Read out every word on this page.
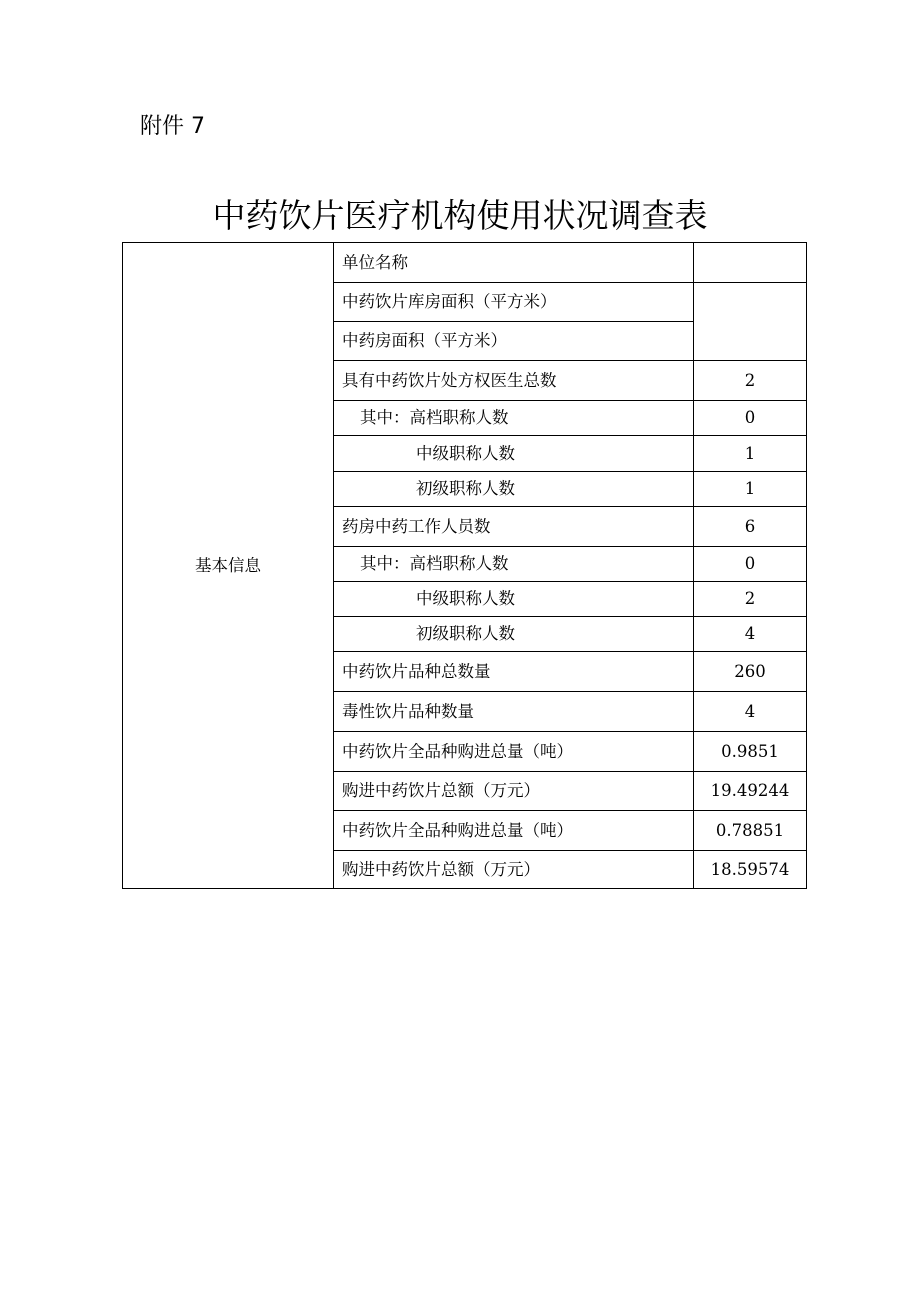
附件 7
中药饮片医疗机构使用状况调查表
基本信息	单位名称	
	中药饮片库房面积（平方米）	
	中药房面积（平方米）	
	具有中药饮片处方权医生总数	2
	其中：高档职称人数	0
	中级职称人数	1
	初级职称人数	1
	药房中药工作人员数	6
	其中：高档职称人数	0
	中级职称人数	2
	初级职称人数	4
	中药饮片品种总数量	260
	毒性饮片品种数量	4
	中药饮片全品种购进总量（吨）	0.9851
	购进中药饮片总额（万元）	19.49244
	中药饮片全品种购进总量（吨）	0.78851
	购进中药饮片总额（万元）	18.59574
